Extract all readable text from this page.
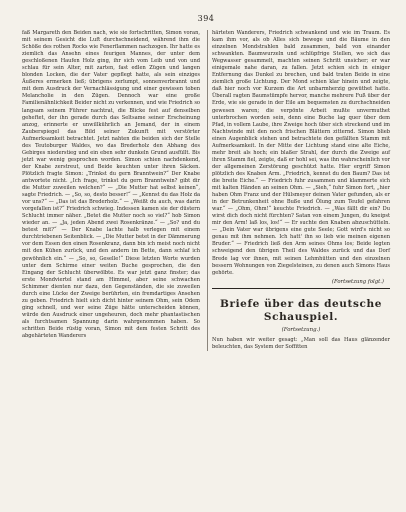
394

faß Margareth den Beiden nach, wie sie fortschritten, Simon voran, mit seinem Gesicht die Luft durchschneidend, während ihm die Schöße des rothen Rocks wie Fenerflammen nachzogen. Ihr hatte es ziemlich das Ansehn eines feurigen Mannes, der unter dem geschloßenen Haufen Holz ging, ihr sich vom Leib und von und schlau für sein Alter, mit zarten, fast edlen Zügen und langen blonden Locken, die der Vater gepflegt hatte, als sein einziges Äußeres ermerken ließ; übrigens zerlumpt, sonnenverbrannt und mit dem Ausdruck der Vernachlässigung und einer gewissen toben Melancholie in den Zügen. Dennoch war eine große Familienähnlichkeit Beider nicht zu verkennen, und wie Friedrich so langsam seinem Führer nachtrat, die Blicke fest auf denselben geheftet, der ihn gerade durch das Seltsame seiner Erscheinung anzog, erinnerte er unwillkührlich an Jemand, der in einem Zauberspiegel das Bild seiner Zukunft mit verstörter Aufmerksamkeit betrachtet. Jetzt nahten die beiden sich der Stelle des Teutoburger Waldes, wo das Brederholz den Abhang des Gebirges niederstieg und ein eben sehr dunkeln Grund ausfüllt. Bis jetzt war wenig gesprochen worden. Simon schien nachdenkend, der Knabe zerstreut, und Beide keuchten unter ihren Säcken. Plötzlich fragte Simon: „Trinkst du gern Branntwein?“ Der Knabe antwortete nicht. „Ich frage, trinkst du gern Branntwein? gibt dir die Mutter zuweilen welchen?“ — „Die Mutter hat selbst keinen“, sagte Friedrich. — „So, so, desto besser!“ — „Kennst du das Holz da vor uns?“ — „Das ist das Brederholz.“ — „Weißt du auch, was darin vorgefallen ist?“ Friedrich schwieg. Indessen kamen sie der düstern Schlucht immer näher. „Betet die Mutter noch so viel?“ hob Simon wieder an. — „Ja, jeden Abend zwei Rosenkränze.“ — „So? und du betest mit?“ — Der Knabe lachte halb verlegen mit einem durchtriebenen Seitenblick. — „Die Mutter betet in der Dämmerung vor dem Essen den einen Rosenkranz, dann bin ich meist noch nicht mit den Kühen zurück, und den andern im Bette, dann schlaf ich gewöhnlich ein.“ — „So, so, Geselle!“ Diese letzten Worte wurden unter dem Schirme einer weiten Buche gesprochen, die den Eingang der Schlucht überwölbte. Es war jetzt ganz finster; das erste Mondviertel stand am Himmel, aber seine schwachen Schimmer dienten nur dazu, den Gegenständen, die sie zuweilen durch eine Lücke der Zweige berührten, ein fremdartiges Ansehen zu geben. Friedrich hielt sich dicht hinter seinem Ohm, sein Odem ging schnell, und wer seine Züge hätte unterscheiden können, würde den Ausdruck einer ungeheuren, doch mehr phantastischen als furchtsamen Spannung darin wahrgenommen haben. So schritten Beide rüstig voran, Simon mit dem festen Schritt des abgehärteten Wanderers

härteten Wanderers, Friedrich schwankend und wie im Traum. Es kam ihm vor, als ob Alles sich bewege und die Bäume in den einzelnen Mondstrahlen bald zusammen, bald von einander schwankten. Baumwurzeln und schlüpfrige Stellen, wo sich das Wegwasser gesammelt, machten seinen Schritt unsicher; er war einigemale nahe daran, zu fallen. Jetzt schien sich in einiger Entfernung das Dunkel zu brechen, und bald traten Beide in eine ziemlich große Lichtung. Der Mond schien klar hinein und zeigte, daß hier noch vor Kurzem die Art unbarmherzig gewüthet hatte. Überall ragten Baumstümpfe hervor, manche mehrere Fuß über der Erde, wie sie gerade in der Eile am bequemsten zu durchschneiden gewesen waren; die verpönte Arbeit mußte unvermuthet unterbrochen worden sein, denn eine Buche lag quer über dem Pfad, in vollem Laube, ihre Zweige hoch über sich streckend und im Nachtwinde mit den noch frischen Blättern zitternd. Simon blieb einen Augenblick stehen und betrachtete den gefällten Stamm mit Aufmerksamkeit. In der Mitte der Lichtung stand eine alte Eiche, mehr breit als hoch; ein blaßer Strahl, der durch die Zweige auf ihren Stamm fiel, zeigte, daß er hohl sei, was ihn wahrscheinlich vor der allgemeinen Zerstörung geschützt hatte. Hier ergriff Simon plötzlich des Knaben Arm. „Friedrich, kennst du den Baum? Das ist die breite Eiche.“ — Friedrich fuhr zusammen und klammerte sich mit kalten Händen an seinen Ohm. — „Sieh,“ fuhr Simon fort, „hier haben Ohm Franz und der Hülsmeyer deinen Vater gefunden, als er in der Betrunkenheit ohne Buße und Ölung zum Teufel gefahren war.“ — „Ohm, Ohm!“ keuchte Friedrich. — „Was fällt dir ein? Du wirst dich doch nicht fürchten? Satan von einem Jungen, du kneipst mir den Arm! laß los, los!“ — Er suchte den Knaben abzuschütteln. — „Dein Vater war übrigens eine gute Seele; Gott wird's nicht so genau mit ihm nehmen. Ich hatt' ihn so lieb wie meinen eigenen Bruder.“ — Friedrich ließ den Arm seines Ohms los; Beide legten schweigend den übrigen Theil des Waldes zurück und das Dorf Brede lag vor ihnen, mit seinen Lehmhütten und den einzelnen bessern Wohnungen von Ziegelsteinen, zu denen auch Simons Haus gehörte.

(Fortsetzung folgt.)
Briefe über das deutsche Schauspiel.
(Fortsetzung.)

Nun haben wir weiter gesagt: „Man soll das Haus glänzender beleuchten, das System der Soffitten
